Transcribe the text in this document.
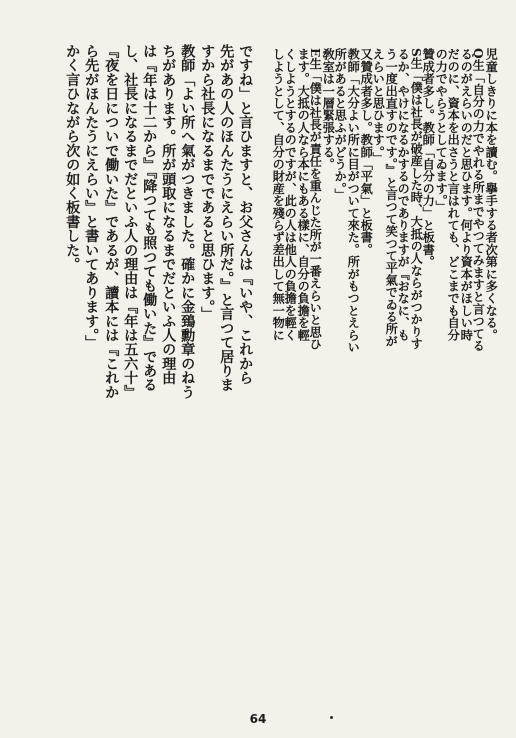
64
児童しきりに本を讀む。擧手する者次第に多くなる。
Q生「自分の力でやれる所までやつてみますと言つてる
るのがえらいのだと思ひます。何より資本がほしい時
だのに、資本を出さうと言はれても、どこまでも自分
の力でやらうとしてゐます。」
贊成者多し。教師「自分の力」と板書。
S生「僕は社長が破産した時、大抵の人ならがつかりす
るか、やけになるかするのでありますが『おなに、も
う一度出直すのです。』と言つて笑つて平氣でゐる所が
えらいと思ひます。」
又贊成者多し。教師「平氣」と板書。
教師「大分よい所に目がついて來た。所がもつとえらい
所があると思ふがどうか。」
敎室は一層緊張する。
E生「僕は社長が責任を重んじた所が一番えらいと思ひ
ます。大抵の人なら本にもある樣に、自分の負擔を輕
くしようとするのですが、此の人は他人の負擔を輕く
しようとして、自分の財産を殘らず差出して無一物に
ですね」と言ひますと、お父さんは『いや、これから
先があの人のほんたうにえらい所だ。』と言つて居りま
すから社長になるまでであると思ひます。」
教師「よい所へ氣がつきました。確かに金鵄勳章のねう
ちがあります。所が頭取になるまでだといふ人の理由
は『年は十二から』『降つても照つても働いた』である
し、社長になるまでだといふ人の理由は『年は五六十』
『夜を日についで働いた』であるが、讀本には『これか
ら先がほんたうにえらい』と書いてあります。」
かく言ひながら次の如く板書した。
